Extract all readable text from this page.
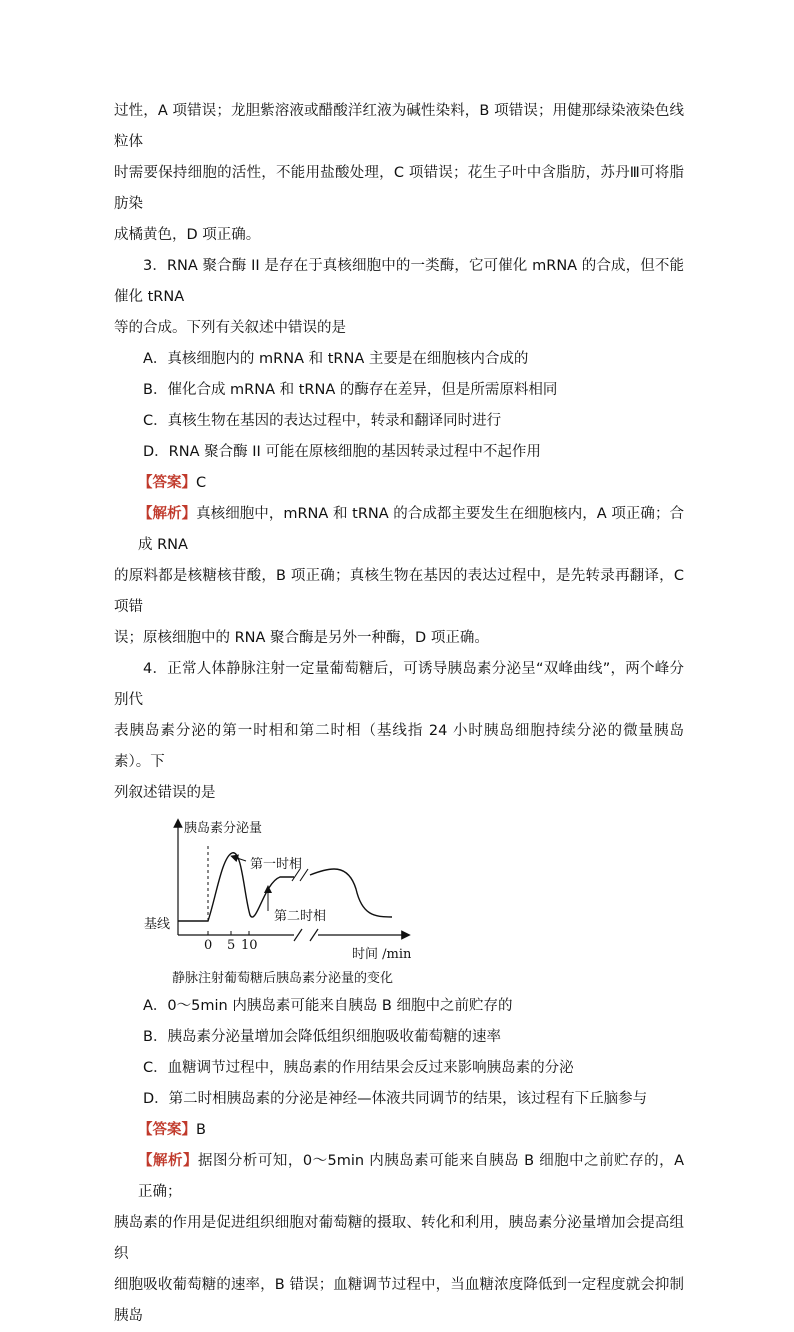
过性，A 项错误；龙胆紫溶液或醋酸洋红液为碱性染料，B 项错误；用健那绿染液染色线粒体

时需要保持细胞的活性，不能用盐酸处理，C 项错误；花生子叶中含脂肪，苏丹Ⅲ可将脂肪染

成橘黄色，D 项正确。

3．RNA 聚合酶 II 是存在于真核细胞中的一类酶，它可催化 mRNA 的合成，但不能催化 tRNA

等的合成。下列有关叙述中错误的是

A．真核细胞内的 mRNA 和 tRNA 主要是在细胞核内合成的

B．催化合成 mRNA 和 tRNA 的酶存在差异，但是所需原料相同

C．真核生物在基因的表达过程中，转录和翻译同时进行

D．RNA 聚合酶 II 可能在原核细胞的基因转录过程中不起作用

【答案】C

【解析】真核细胞中，mRNA 和 tRNA 的合成都主要发生在细胞核内，A 项正确；合成 RNA

的原料都是核糖核苷酸，B 项正确；真核生物在基因的表达过程中，是先转录再翻译，C 项错

误；原核细胞中的 RNA 聚合酶是另外一种酶，D 项正确。

4．正常人体静脉注射一定量葡萄糖后，可诱导胰岛素分泌呈“双峰曲线”，两个峰分别代

表胰岛素分泌的第一时相和第二时相（基线指 24 小时胰岛细胞持续分泌的微量胰岛素）。下

列叙述错误的是

胰岛素分泌量
基线
第一时相
第二时相
0 5 10
时间 /min
静脉注射葡萄糖后胰岛素分泌量的变化

A．0～5min 内胰岛素可能来自胰岛 B 细胞中之前贮存的

B．胰岛素分泌量增加会降低组织细胞吸收葡萄糖的速率

C．血糖调节过程中，胰岛素的作用结果会反过来影响胰岛素的分泌

D．第二时相胰岛素的分泌是神经—体液共同调节的结果，该过程有下丘脑参与

【答案】B

【解析】据图分析可知，0～5min 内胰岛素可能来自胰岛 B 细胞中之前贮存的，A 正确；

胰岛素的作用是促进组织细胞对葡萄糖的摄取、转化和利用，胰岛素分泌量增加会提高组织

细胞吸收葡萄糖的速率，B 错误；血糖调节过程中，当血糖浓度降低到一定程度就会抑制胰岛
